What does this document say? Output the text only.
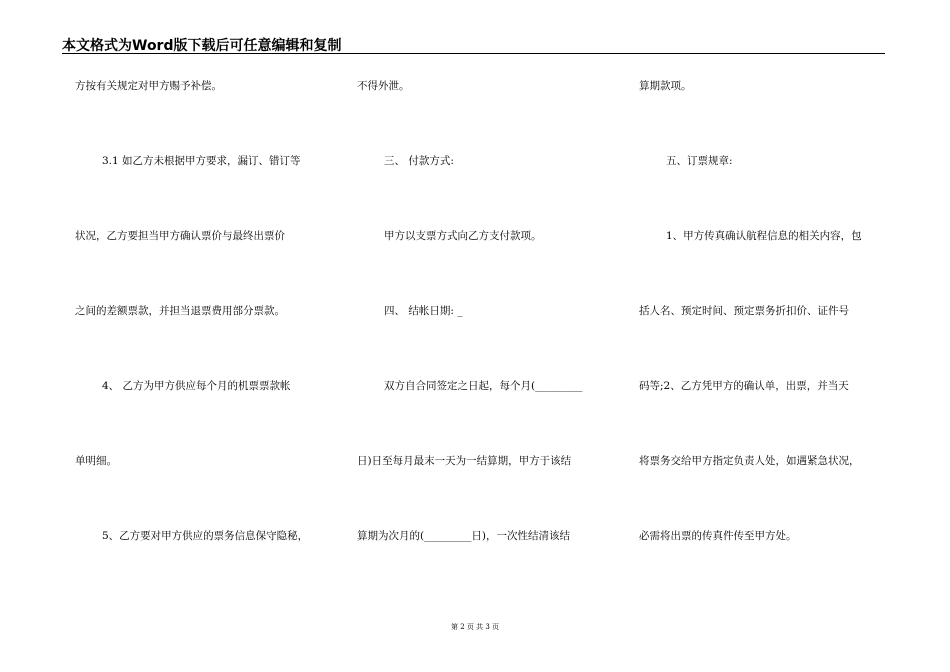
本文格式为Word版下载后可任意编辑和复制
方按有关规定对甲方赐予补偿。
3.1 如乙方未根据甲方要求，漏订、错订等
状况，乙方要担当甲方确认票价与最终出票价
之间的差额票款，并担当退票费用部分票款。
4、 乙方为甲方供应每个月的机票票款帐
单明细。
5、乙方要对甲方供应的票务信息保守隐秘，
不得外泄。
三、 付款方式:
甲方以支票方式向乙方支付款项。
四、 结帐日期: _
双方自合同签定之日起，每个月(_________
日)日至每月最末一天为一结算期，甲方于该结
算期为次月的(_________日)，一次性结清该结
算期款项。
五、订票规章:
1、甲方传真确认航程信息的相关内容，包
括人名、预定时间、预定票务折扣价、证件号
码等;2、乙方凭甲方的确认单，出票，并当天
将票务交给甲方指定负责人处，如遇紧急状况，
必需将出票的传真件传至甲方处。
第 2 页 共 3 页
